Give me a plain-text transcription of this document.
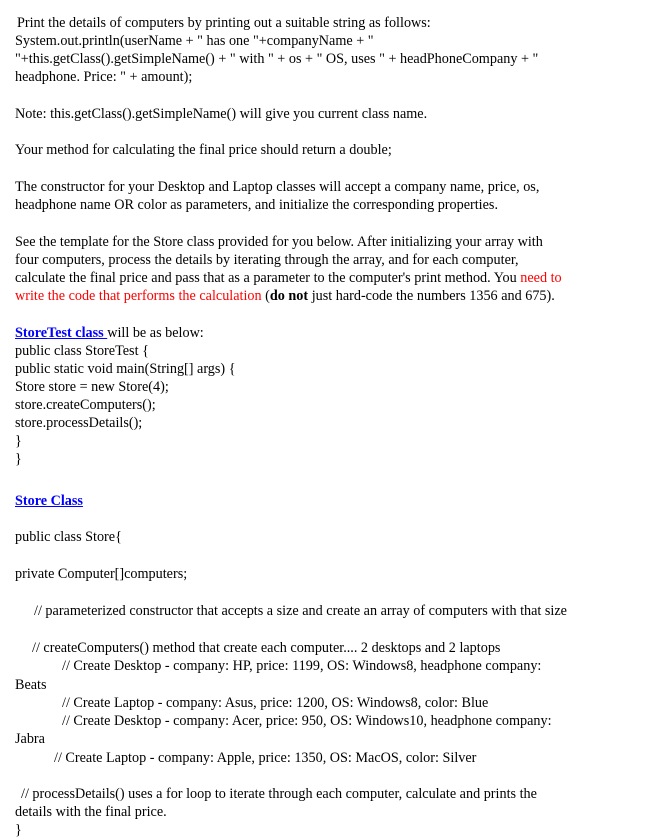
Print the details of computers by printing out a suitable string as follows:
System.out.println(userName + " has one "+companyName + "
"+this.getClass().getSimpleName() + " with " + os + " OS, uses " + headPhoneCompany + "
headphone. Price: " + amount);
Note: this.getClass().getSimpleName() will give you current class name.
Your method for calculating the final price should return a double;
The constructor for your Desktop and Laptop classes will accept a company name, price, os,
headphone name OR color as parameters, and initialize the corresponding properties.
See the template for the Store class provided for you below. After initializing your array with
four computers, process the details by iterating through the array, and for each computer,
calculate the final price and pass that as a parameter to the computer's print method. You need to
write the code that performs the calculation (do not just hard-code the numbers 1356 and 675).
StoreTest class will be as below:
public class StoreTest {
public static void main(String[] args) {
Store store = new Store(4);
store.createComputers();
store.processDetails();
}
}
Store Class
public class Store{
private Computer[]computers;
// parameterized constructor that accepts a size and create an array of computers with that size
// createComputers() method that create each computer.... 2 desktops and 2 laptops
// Create Desktop - company: HP, price: 1199, OS: Windows8, headphone company:
Beats
// Create Laptop - company: Asus, price: 1200, OS: Windows8, color: Blue
// Create Desktop - company: Acer, price: 950, OS: Windows10, headphone company:
Jabra
// Create Laptop - company: Apple, price: 1350, OS: MacOS, color: Silver
// processDetails() uses a for loop to iterate through each computer, calculate and prints the
details with the final price.
}
